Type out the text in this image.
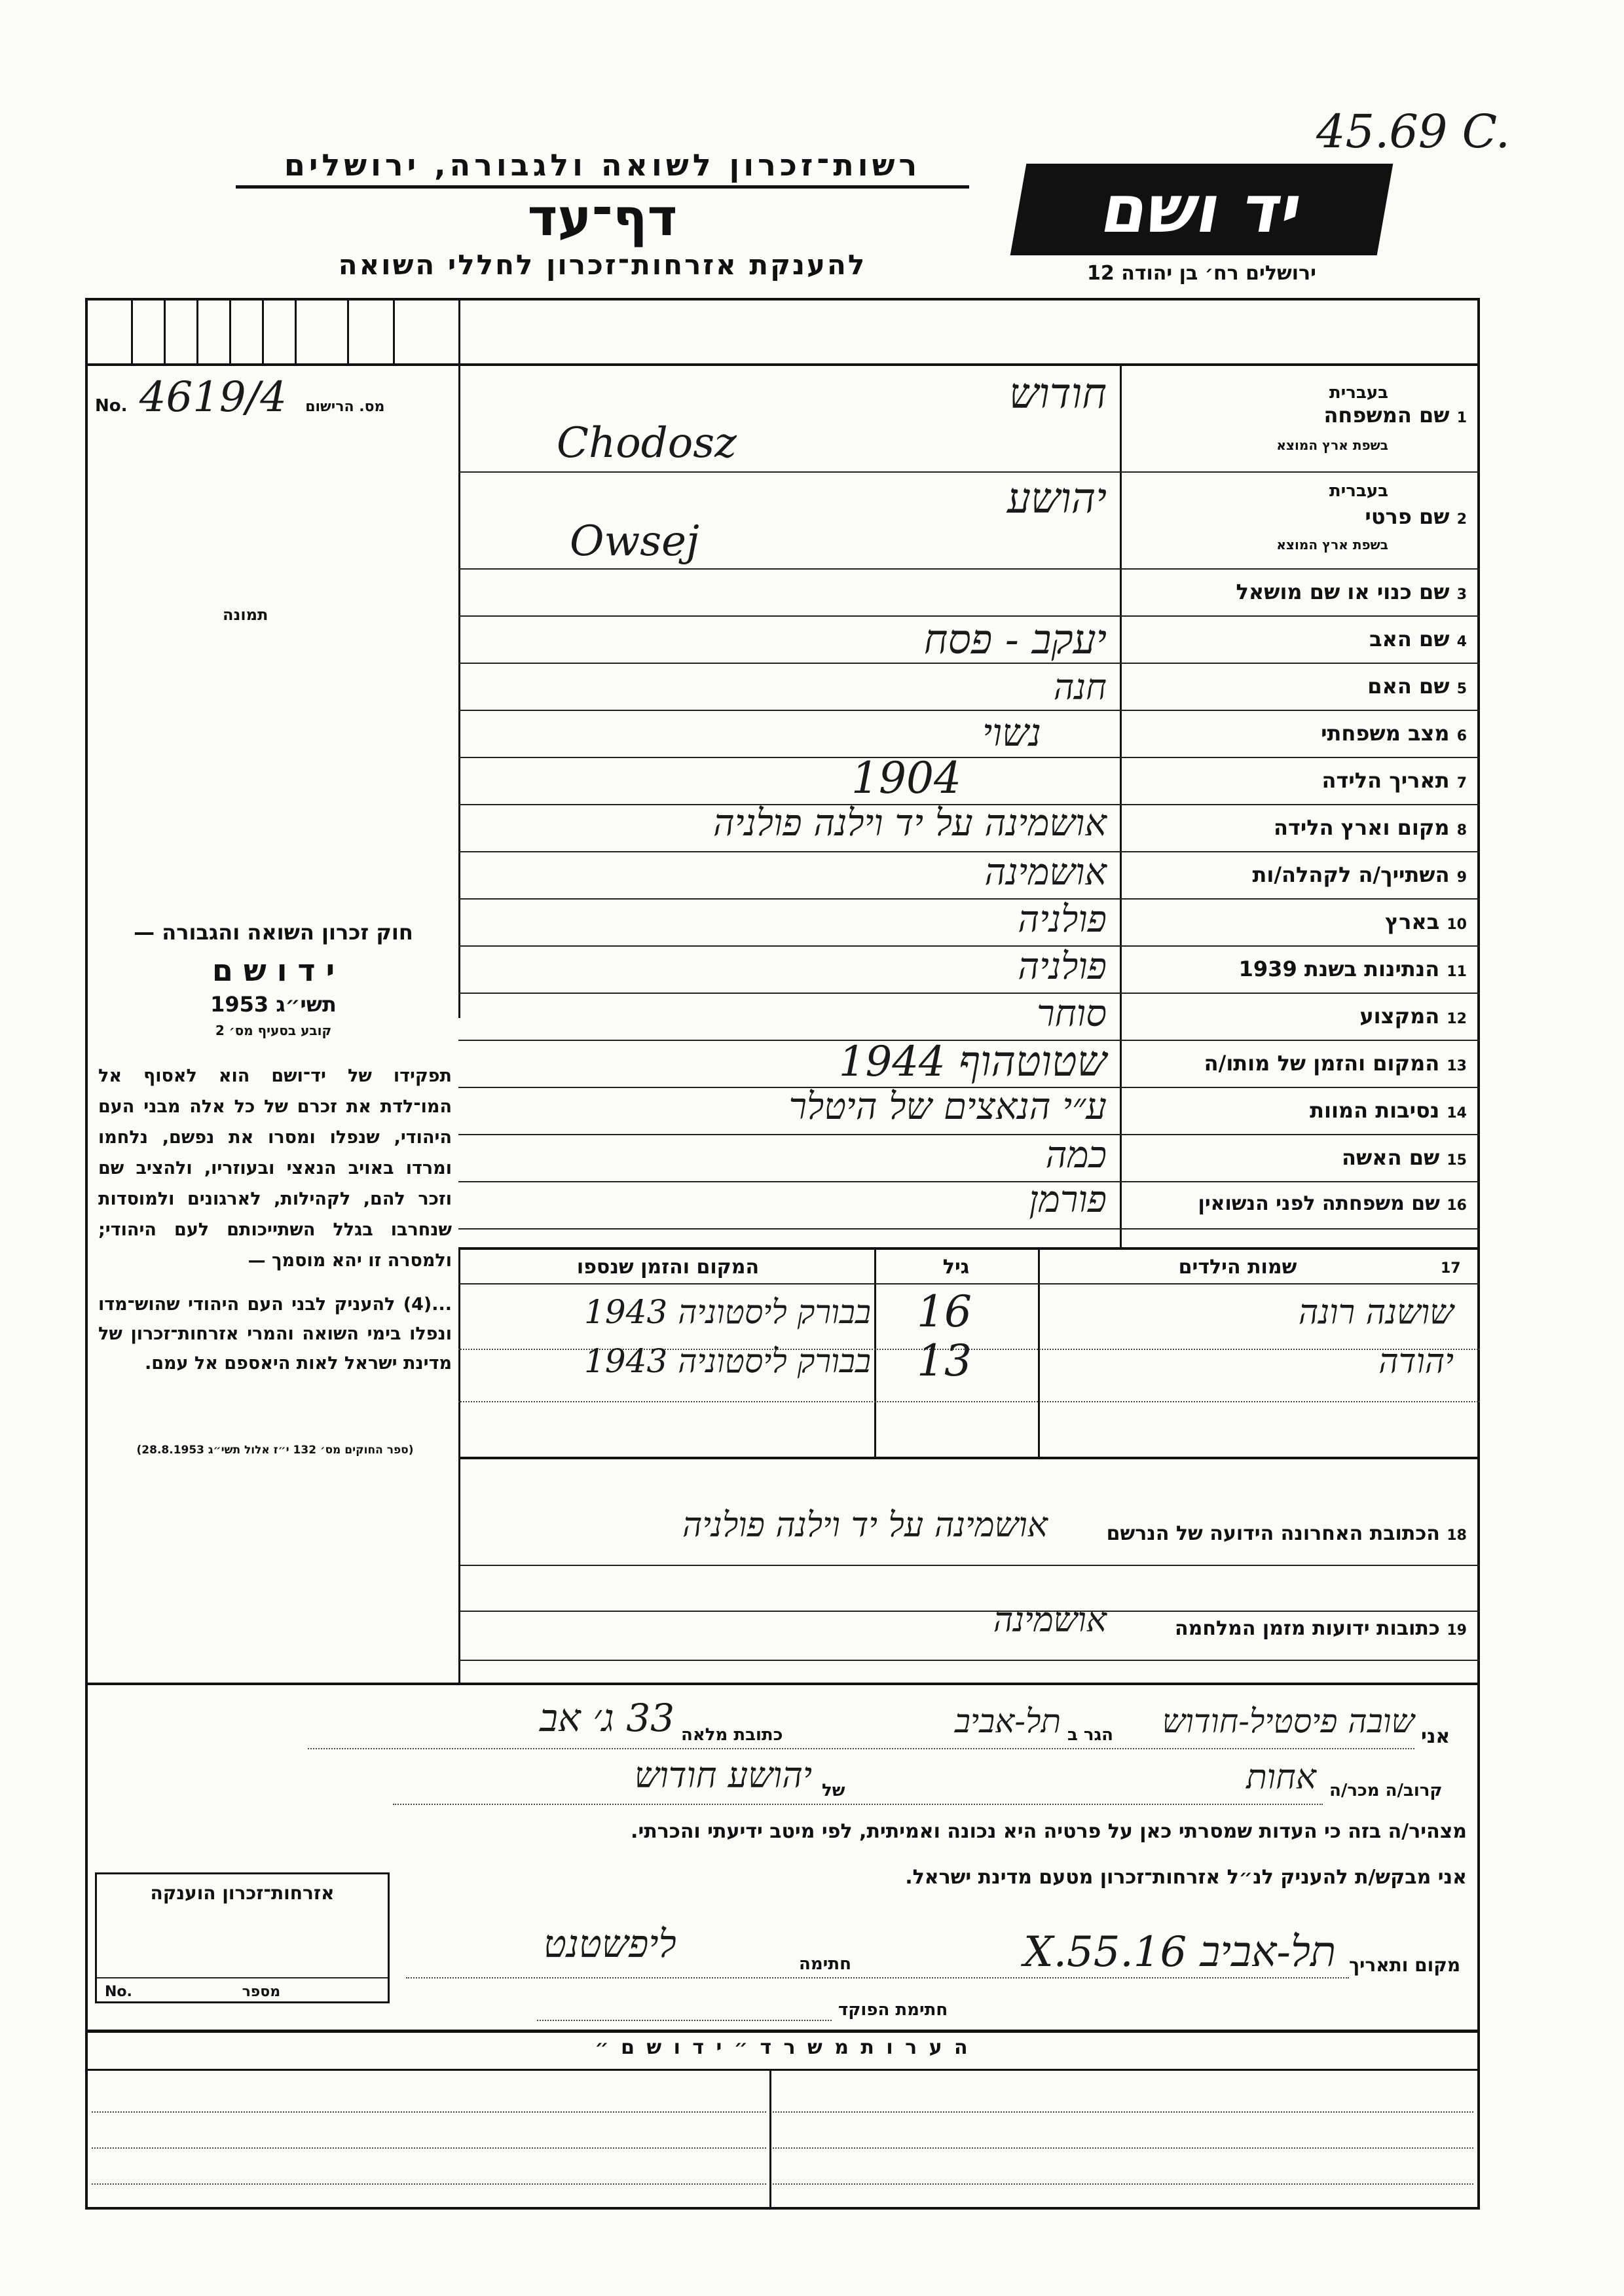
45.69 C.
רשות־זכרון לשואה ולגבורה, ירושלים
דף־עד
להענקת אזרחות־זכרון לחללי השואה
יד ושם
ירושלים רח׳ בן יהודה 12
No. 4619/4 מס. הרישום
תמונה
חוק זכרון השואה והגבורה —
י ד ו ש ם
תשי״ג 1953
קובע בסעיף מס׳ 2
תפקידו של יד־ושם הוא לאסוף אל המו־לדת את זכרם של כל אלה מבני העם היהודי, שנפלו ומסרו את נפשם, נלחמו ומרדו באויב הנאצי ובעוזריו, ולהציב שם וזכר להם, לקהילות, לארגונים ולמוסדות שנחרבו בגלל השתייכותם לעם היהודי; ולמסרה זו יהא מוסמך —
...(4) להעניק לבני העם היהודי שהוש־מדו ונפלו בימי השואה והמרי אזרחות־זכרון של מדינת ישראל לאות היאספם אל עמם.
(ספר החוקים מס׳ 132 י״ז אלול תשי״ג 28.8.1953)
1 שם המשפחה
בעברית
בשפת ארץ המוצא
חודוש
Chodosz
2 שם פרטי
בעברית
בשפת ארץ המוצא
יהושע
Owsej
3 שם כנוי או שם מושאל
4 שם האב
יעקב - פסח
5 שם האם
חנה
6 מצב משפחתי
נשוי
7 תאריך הלידה
1904
8 מקום וארץ הלידה
אושמינה על יד וילנה פולניה
9 השתייך/ה לקהלה/ות
אושמינה
10 בארץ
פולניה
11 הנתינות בשנת 1939
פולניה
12 המקצוע
סוחר
13 המקום והזמן של מותו/ה
שטוטהוף 1944
14 נסיבות המוות
ע״י הנאצים של היטלר
15 שם האשה
כמה
16 שם משפחתה לפני הנשואין
פורמן
17
שמות הילדים
גיל
המקום והזמן שנספו
שושנה רונה
16
בבורק ליסטוניה 1943
יהודה
13
בבורק ליסטוניה 1943
18 הכתובת האחרונה הידועה של הנרשם
אושמינה על יד וילנה פולניה
19 כתובות ידועות מזמן המלחמה
אושמינה
אני
שובה פיסטיל-חודוש
הגר ב
תל-אביב
כתובת מלאה
33 ג׳ אב
קרוב/ה מכר/ה
אחות
של
יהושע חודוש
מצהיר/ה בזה כי העדות שמסרתי כאן על פרטיה היא נכונה ואמיתית, לפי מיטב ידיעתי והכרתי.
אני מבקש/ת להעניק לנ״ל אזרחות־זכרון מטעם מדינת ישראל.
מקום ותאריך
תל-אביב 16.X.55
חתימה
ליפשטנט
חתימת הפוקד
אזרחות־זכרון הוענקה
No.	מספר
ה ע ר ו ת מ ש ר ד ״ י ד ו ש ם ״
